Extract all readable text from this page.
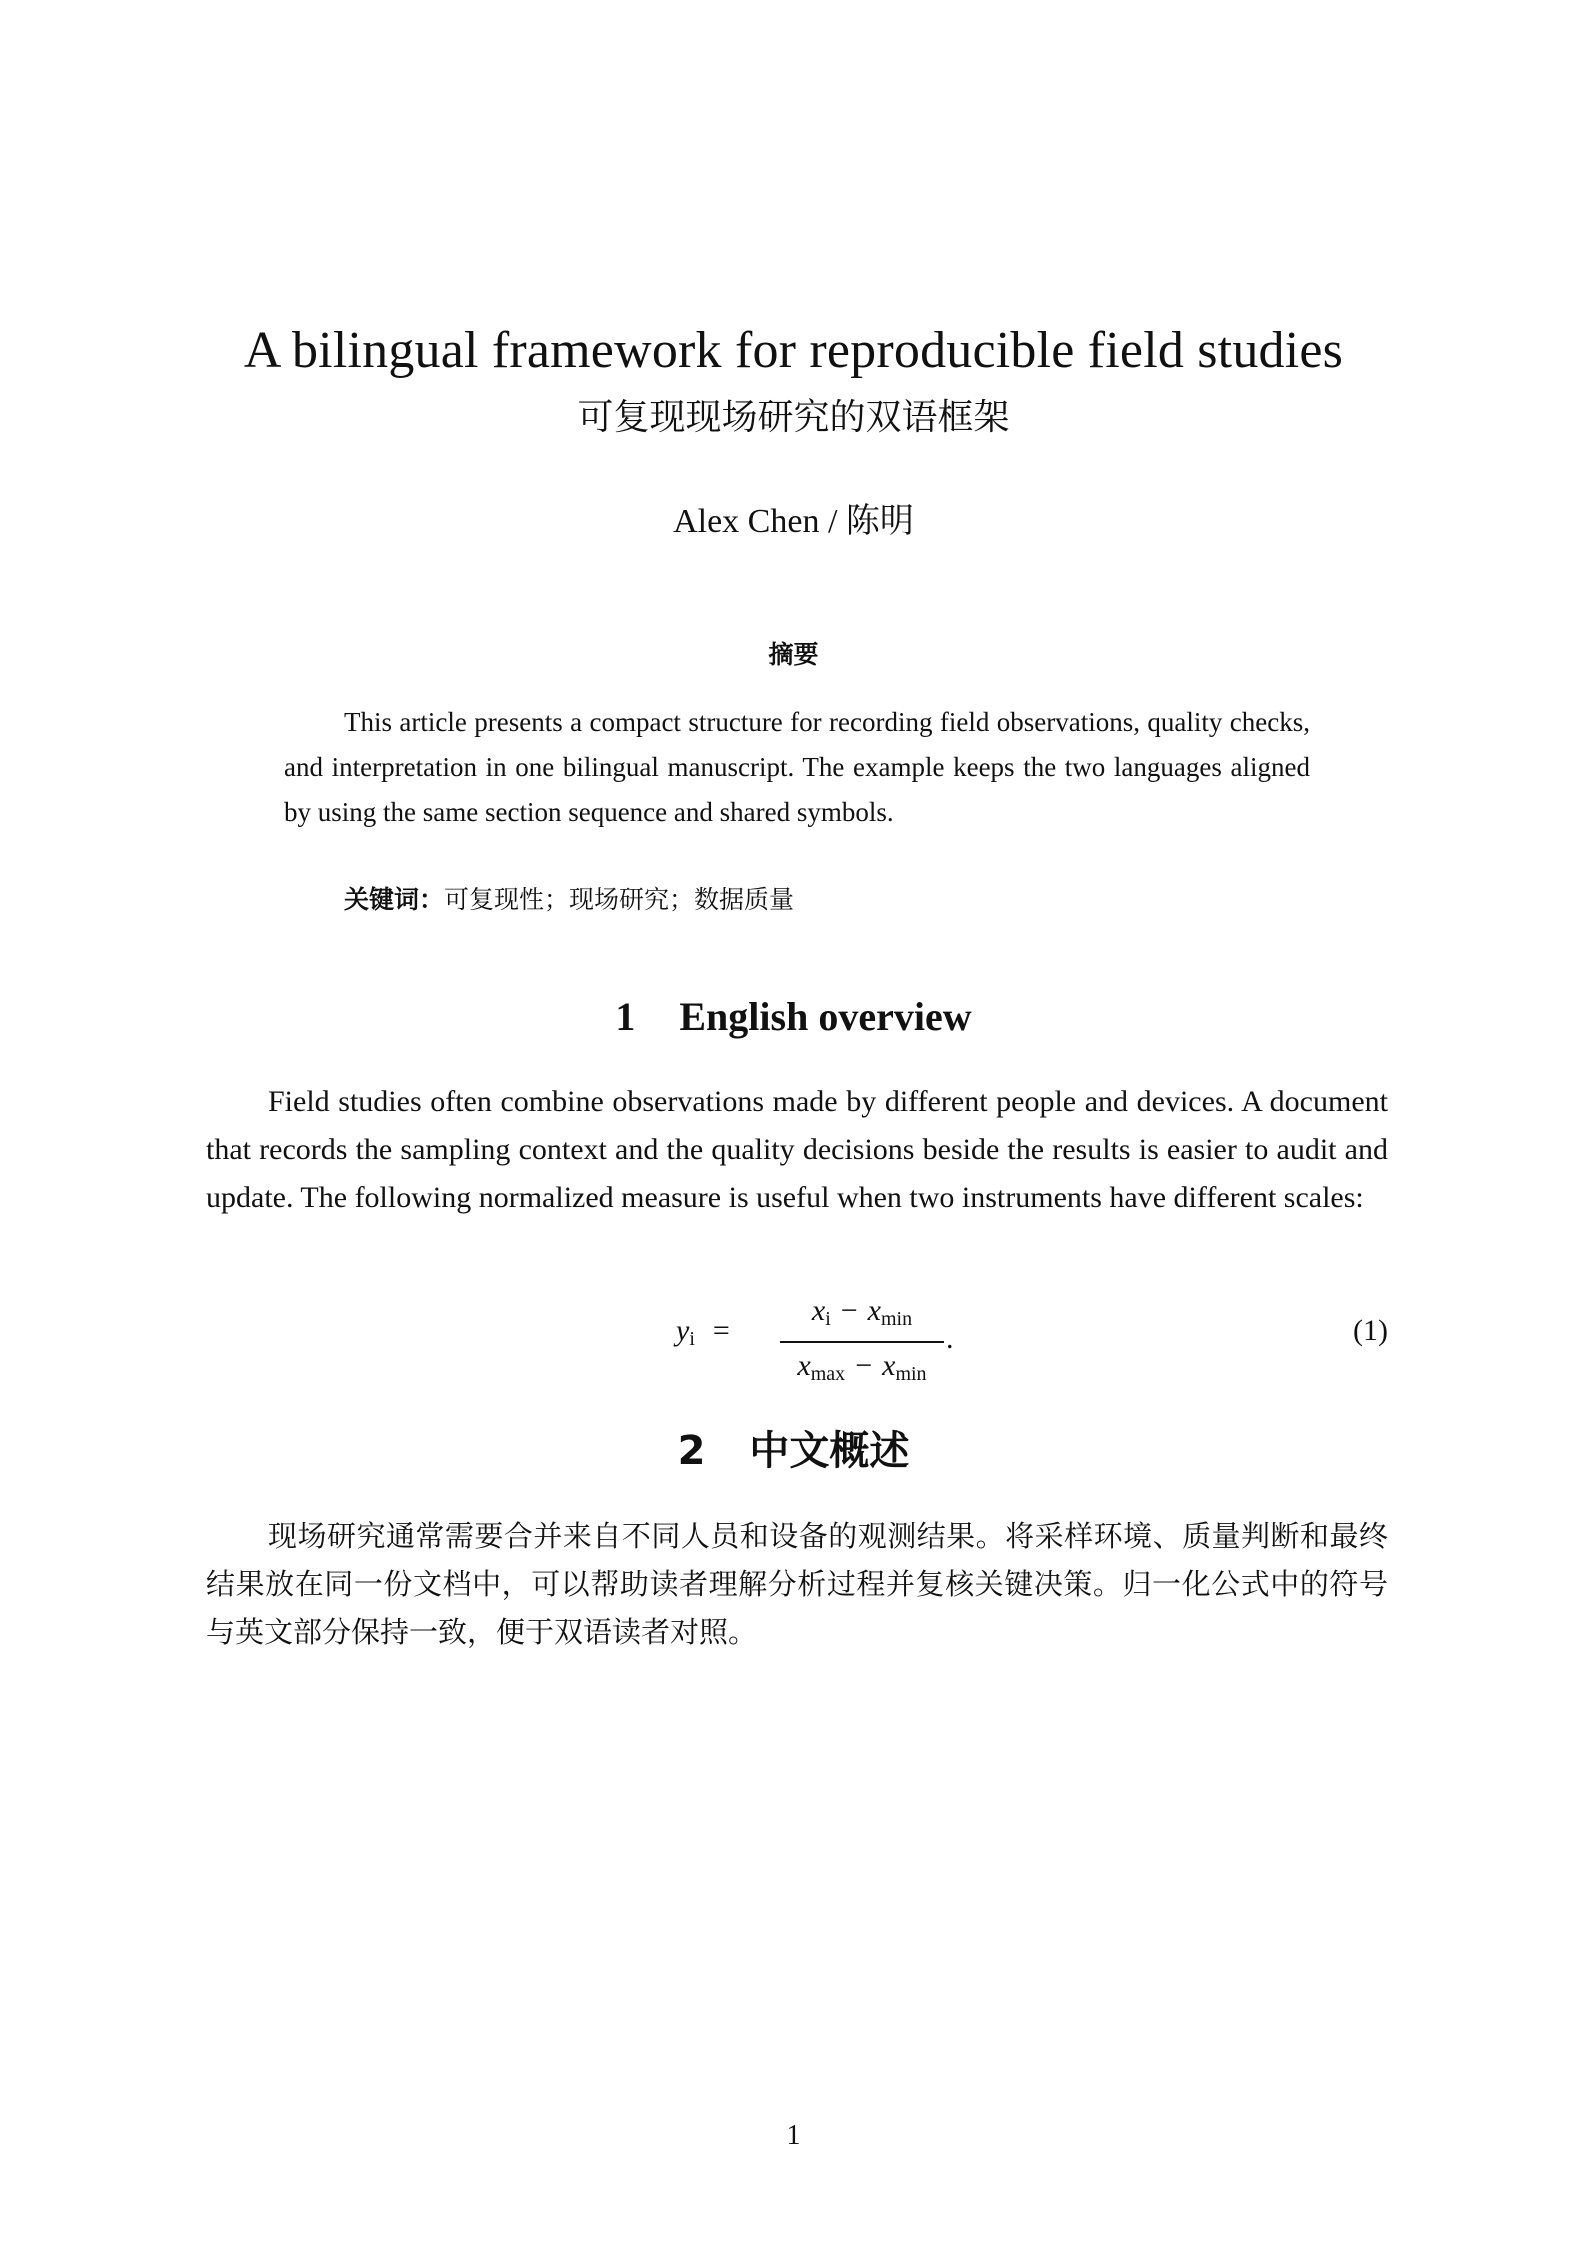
A bilingual framework for reproducible field studies
可复现现场研究的双语框架
Alex Chen / 陈明
摘要

This article presents a compact structure for recording field observations, quality checks, and interpretation in one bilingual manuscript. The example keeps the two languages aligned by using the same section sequence and shared symbols.

关键词：可复现性；现场研究；数据质量
1 English overview

Field studies often combine observations made by different people and devices. A document that records the sampling context and the quality decisions beside the results is easier to audit and update. The following normalized measure is useful when two instruments have different scales:

yi =
xi − xmin
xmax − xmin
.	(1)
2 中文概述

现场研究通常需要合并来自不同人员和设备的观测结果。将采样环境、质量判断和最终结果放在同一份文档中，可以帮助读者理解分析过程并复核关键决策。归一化公式中的符号与英文部分保持一致，便于双语读者对照。

1
